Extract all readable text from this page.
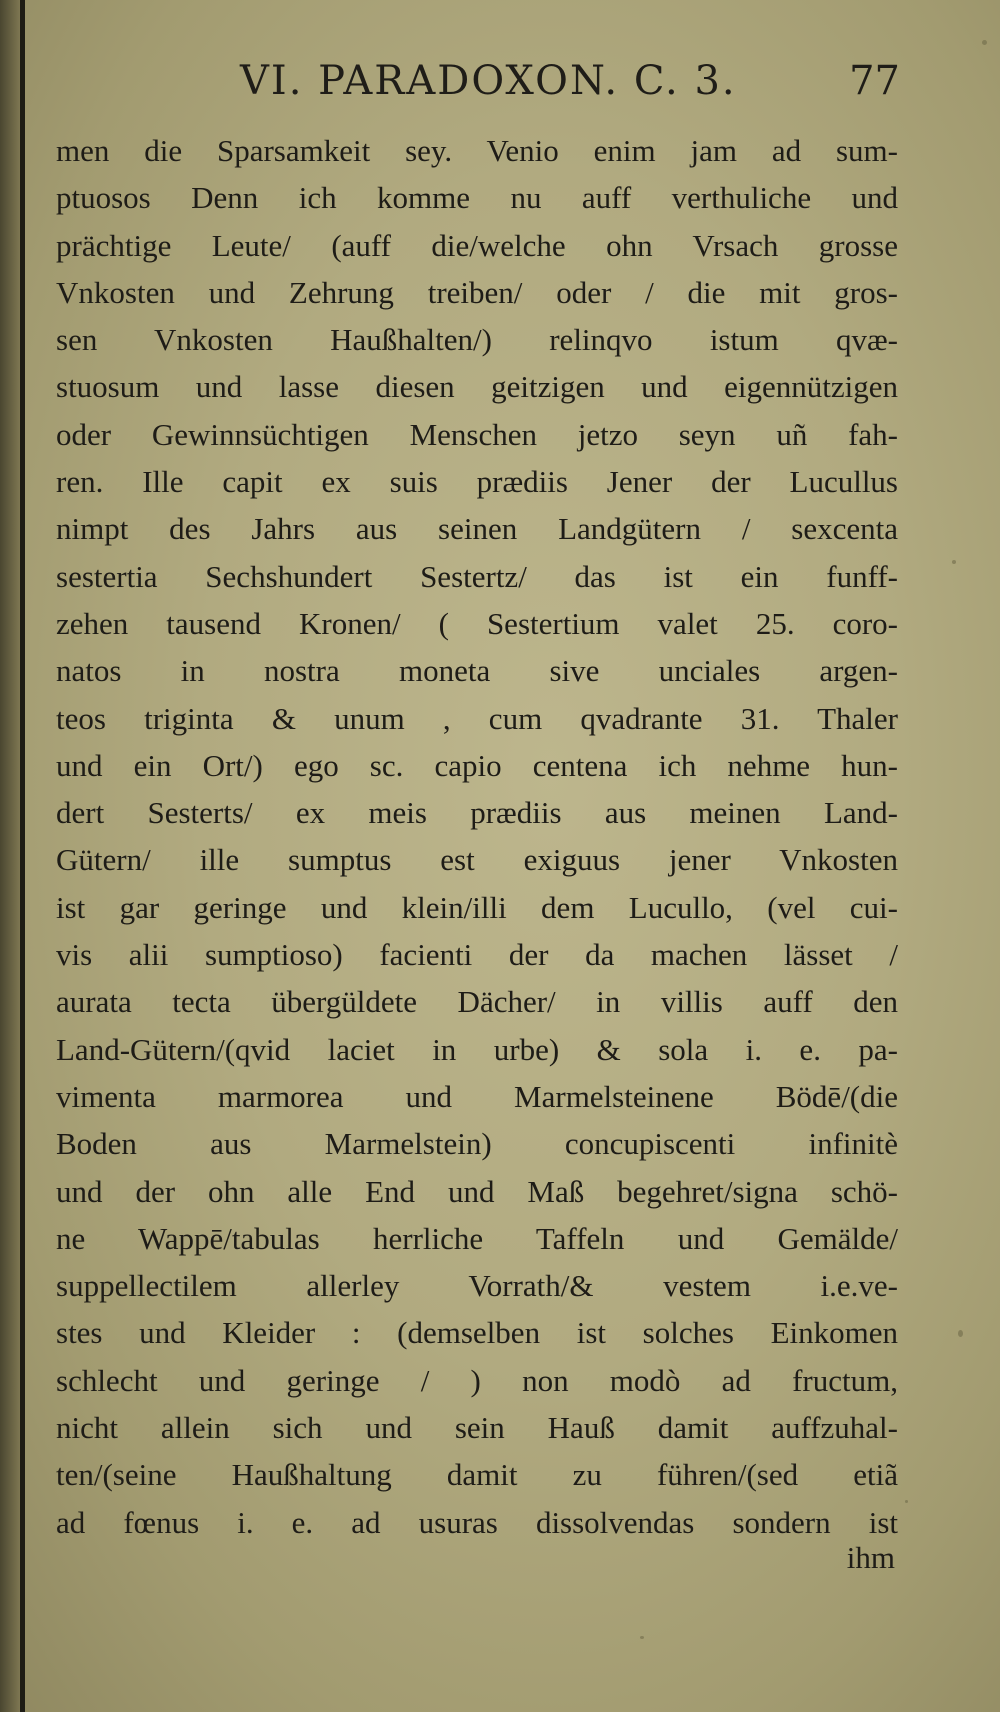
VI. PARADOXON. C. 3.	77
men die Sparsamkeit sey. Venio enim jam ad sum-
ptuosos Denn ich komme nu auff verthuliche und
prächtige Leute/ (auff die/welche ohn Vrsach grosse
Vnkosten und Zehrung treiben/ oder / die mit gros-
sen Vnkosten Haußhalten/) relinqvo istum qvæ-
stuosum und lasse diesen geitzigen und eigennützigen
oder Gewinnsüchtigen Menschen jetzo seyn uñ fah-
ren. Ille capit ex suis prædiis Jener der Lucullus
nimpt des Jahrs aus seinen Landgütern / sexcenta
sestertia Sechshundert Sestertz/ das ist ein funff-
zehen tausend Kronen/ ( Sestertium valet 25. coro-
natos in nostra moneta sive unciales argen-
teos triginta & unum , cum qvadrante 31. Thaler
und ein Ort/) ego sc. capio centena ich nehme hun-
dert Sesterts/ ex meis prædiis aus meinen Land-
Gütern/ ille sumptus est exiguus jener Vnkosten
ist gar geringe und klein/illi dem Lucullo, (vel cui-
vis alii sumptioso) facienti der da machen lässet /
aurata tecta übergüldete Dächer/ in villis auff den
Land-Gütern/(qvid laciet in urbe) & sola i. e. pa-
vimenta marmorea und Marmelsteinene Bödē/(die
Boden aus Marmelstein) concupiscenti infinitè
und der ohn alle End und Maß begehret/signa schö-
ne Wappē/tabulas herrliche Taffeln und Gemälde/
suppellectilem allerley Vorrath/& vestem i.e.ve-
stes und Kleider : (demselben ist solches Einkomen
schlecht und geringe / ) non modò ad fructum,
nicht allein sich und sein Hauß damit auffzuhal-
ten/(seine Haußhaltung damit zu führen/(sed etiã
ad fœnus i. e. ad usuras dissolvendas sondern ist
ihm
